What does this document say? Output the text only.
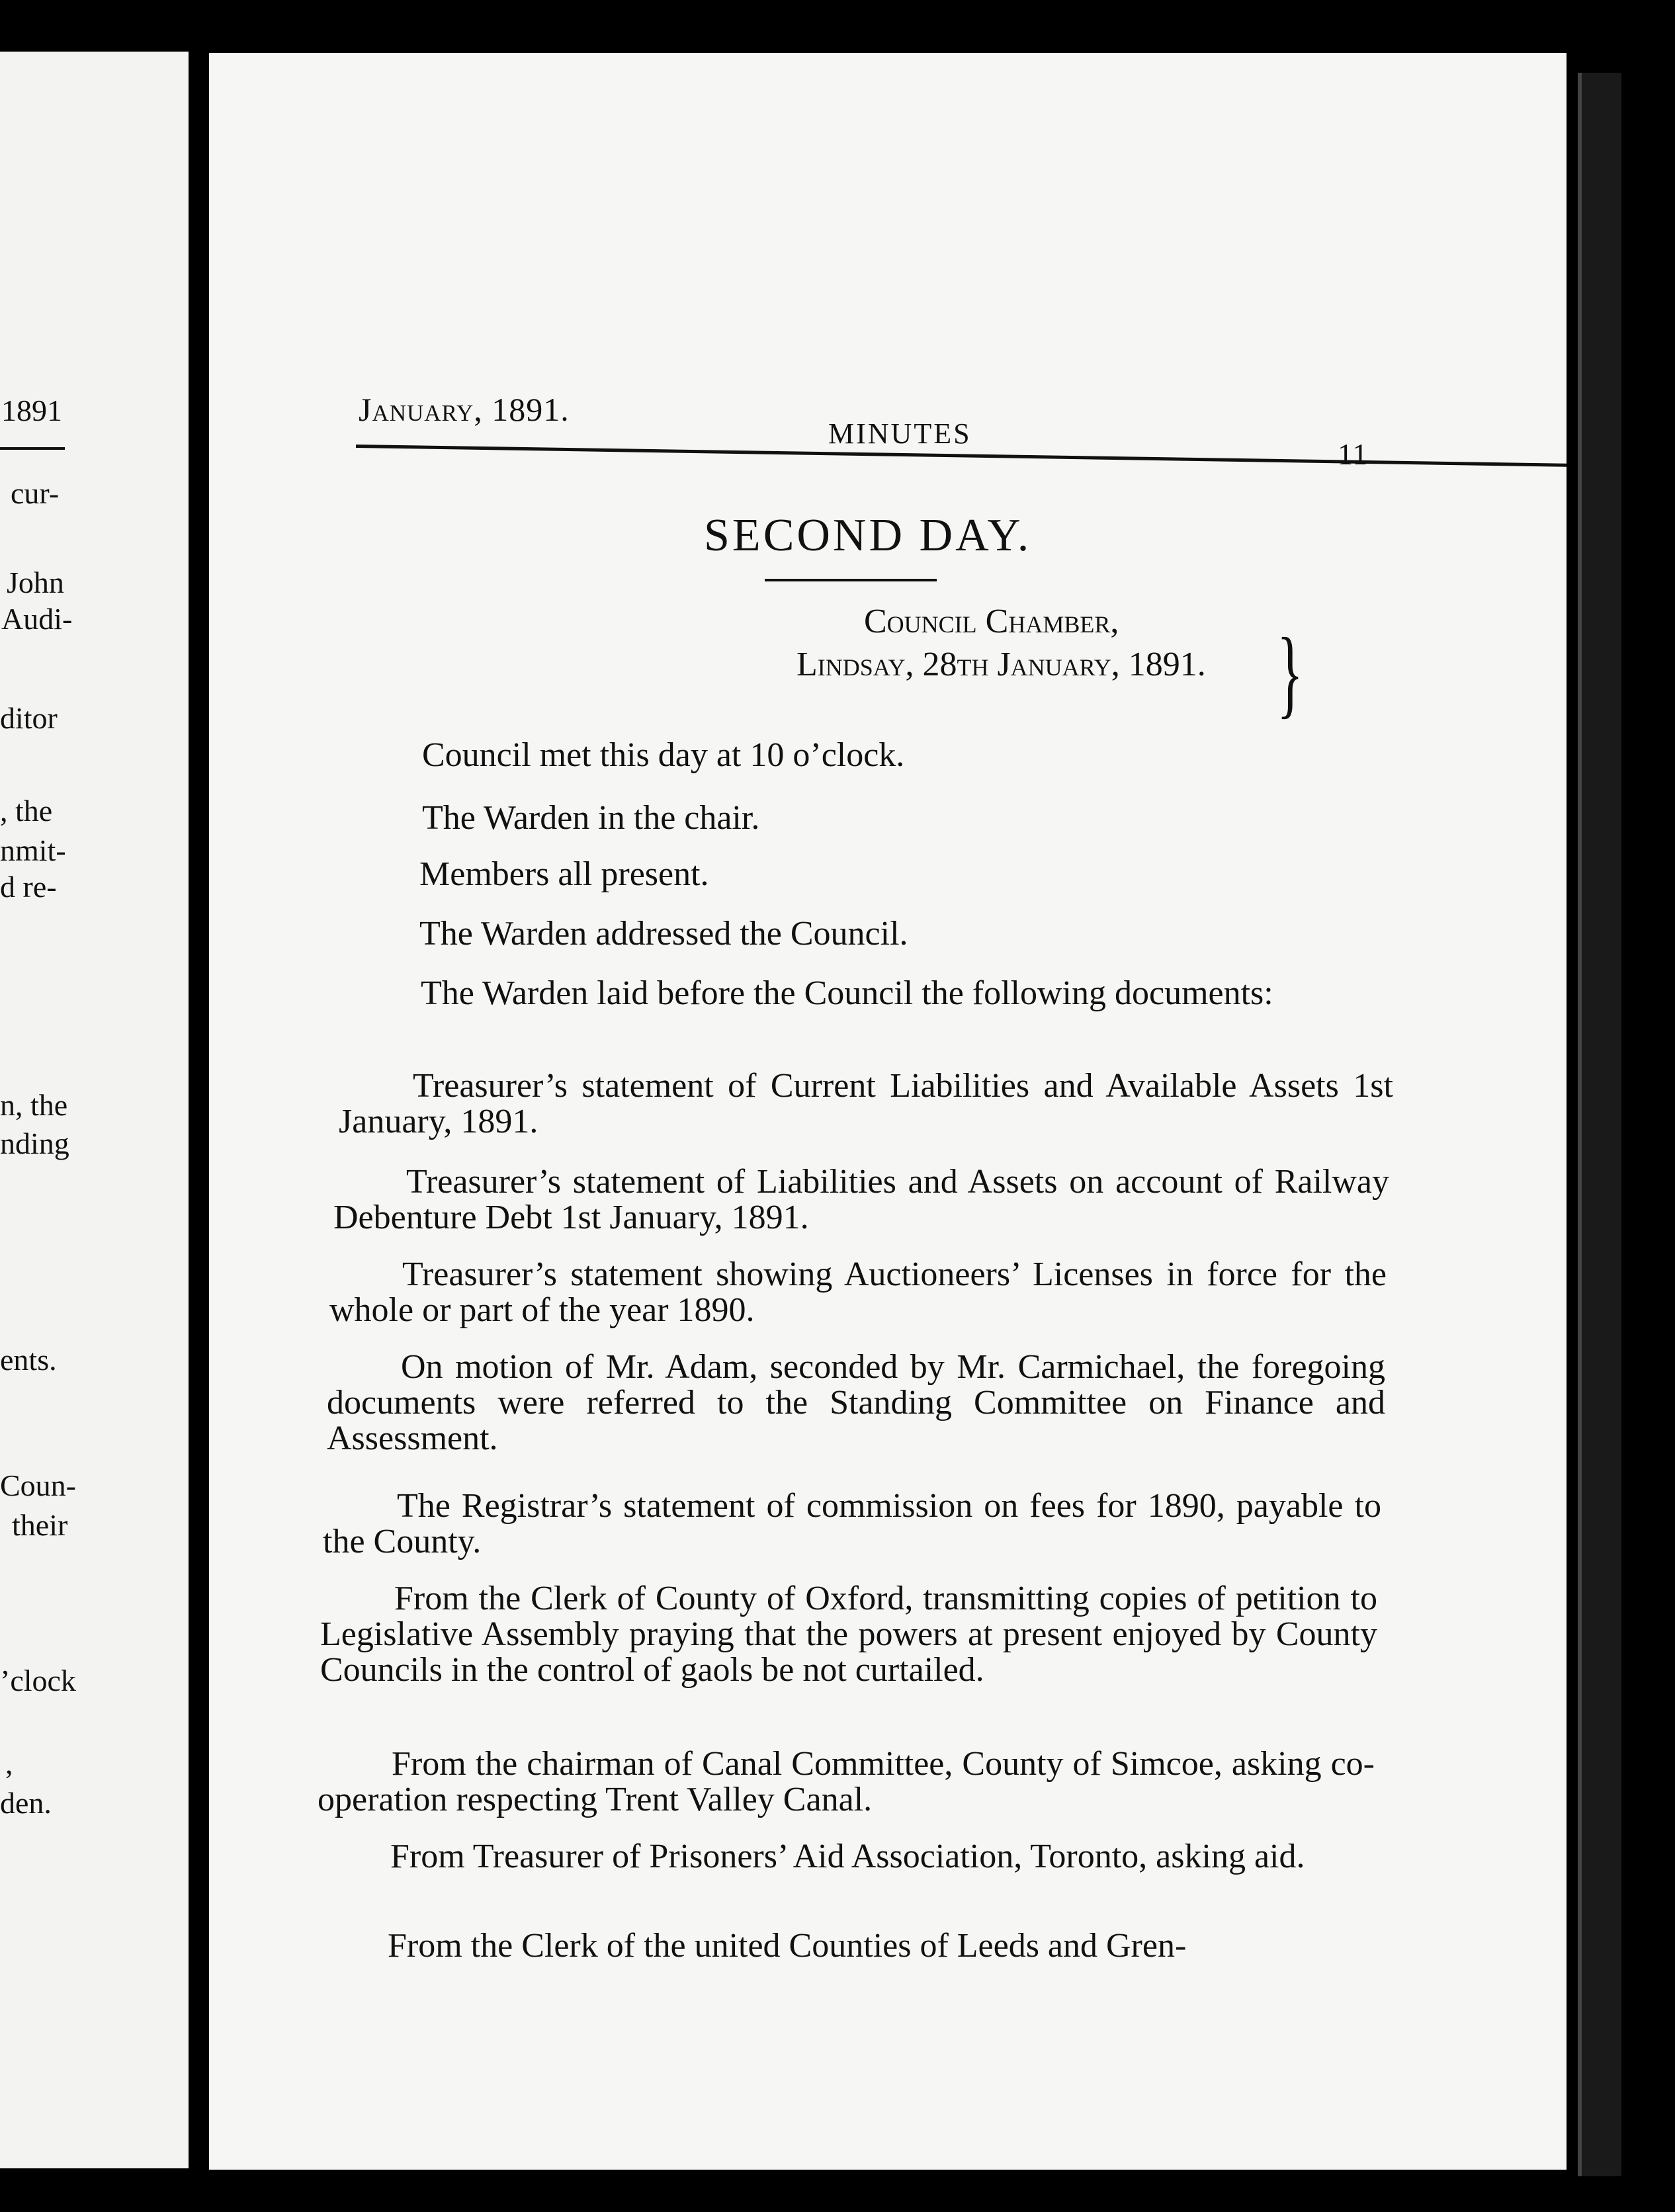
1891
cur-
John
Audi-
ditor
, the
nmit-
d re-
n, the
nding
ents.
Coun-
their
’clock
,
den.
January, 1891.
MINUTES
11
SECOND DAY.
Council Chamber,
Lindsay, 28th January, 1891. }
Council met this day at 10 o’clock.
The Warden in the chair.
Members all present.
The Warden addressed the Council.
The Warden laid before the Council the following documents:
Treasurer’s statement of Current Liabilities and Available Assets 1st January, 1891.
Treasurer’s statement of Liabilities and Assets on account of Railway Debenture Debt 1st January, 1891.
Treasurer’s statement showing Auctioneers’ Licenses in force for the whole or part of the year 1890.
On motion of Mr. Adam, seconded by Mr. Carmichael, the foregoing documents were referred to the Standing Committee on Finance and Assessment.
The Registrar’s statement of commission on fees for 1890, payable to the County.
From the Clerk of County of Oxford, transmitting copies of petition to Legislative Assembly praying that the powers at present enjoyed by County Councils in the control of gaols be not curtailed.
From the chairman of Canal Committee, County of Simcoe, asking co-operation respecting Trent Valley Canal.
From Treasurer of Prisoners’ Aid Association, Toronto, asking aid.
From the Clerk of the united Counties of Leeds and Gren-
